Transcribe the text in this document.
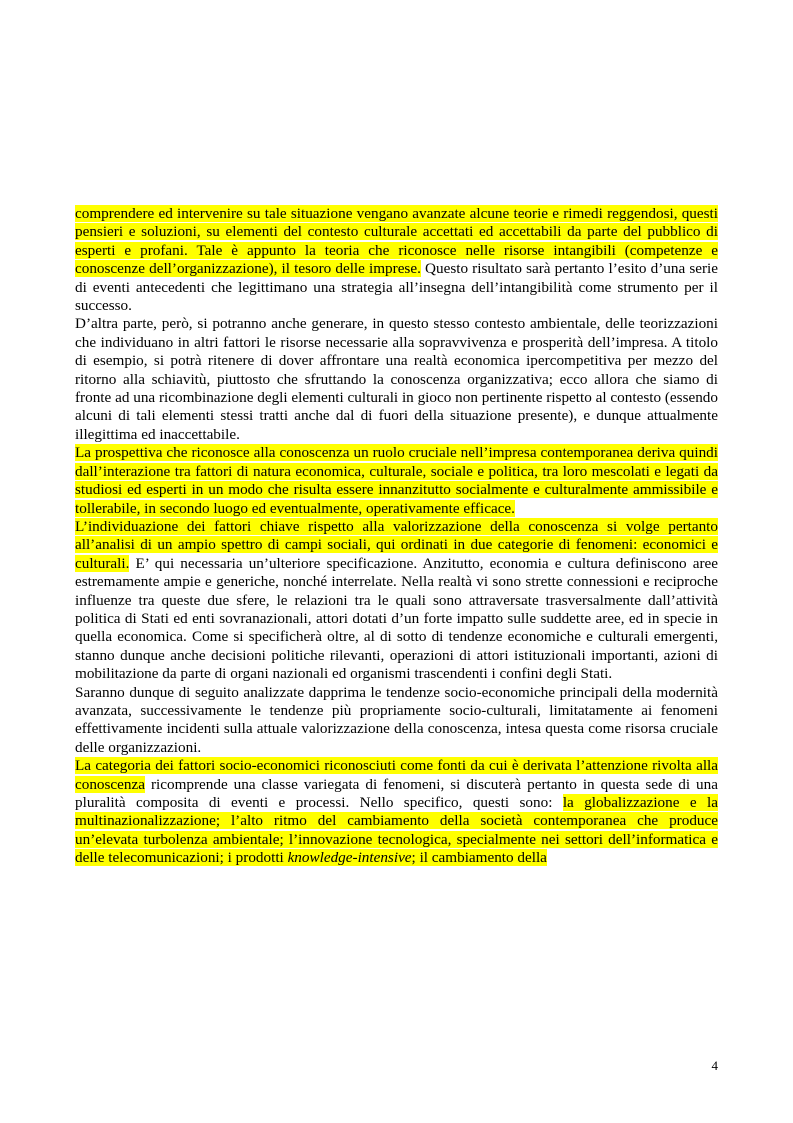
comprendere ed intervenire su tale situazione vengano avanzate alcune teorie e rimedi reggendosi, questi pensieri e soluzioni, su elementi del contesto culturale accettati ed accettabili da parte del pubblico di esperti e profani. Tale è appunto la teoria che riconosce nelle risorse intangibili (competenze e conoscenze dell’organizzazione), il tesoro delle imprese. Questo risultato sarà pertanto l’esito d’una serie di eventi antecedenti che legittimano una strategia all’insegna dell’intangibilità come strumento per il successo.

D’altra parte, però, si potranno anche generare, in questo stesso contesto ambientale, delle teorizzazioni che individuano in altri fattori le risorse necessarie alla sopravvivenza e prosperità dell’impresa. A titolo di esempio, si potrà ritenere di dover affrontare una realtà economica ipercompetitiva per mezzo del ritorno alla schiavitù, piuttosto che sfruttando la conoscenza organizzativa; ecco allora che siamo di fronte ad una ricombinazione degli elementi culturali in gioco non pertinente rispetto al contesto (essendo alcuni di tali elementi stessi tratti anche dal di fuori della situazione presente), e dunque attualmente illegittima ed inaccettabile.

La prospettiva che riconosce alla conoscenza un ruolo cruciale nell’impresa contemporanea deriva quindi dall’interazione tra fattori di natura economica, culturale, sociale e politica, tra loro mescolati e legati da studiosi ed esperti in un modo che risulta essere innanzitutto socialmente e culturalmente ammissibile e tollerabile, in secondo luogo ed eventualmente, operativamente efficace.

L’individuazione dei fattori chiave rispetto alla valorizzazione della conoscenza si volge pertanto all’analisi di un ampio spettro di campi sociali, qui ordinati in due categorie di fenomeni: economici e culturali. E’ qui necessaria un’ulteriore specificazione. Anzitutto, economia e cultura definiscono aree estremamente ampie e generiche, nonché interrelate. Nella realtà vi sono strette connessioni e reciproche influenze tra queste due sfere, le relazioni tra le quali sono attraversate trasversalmente dall’attività politica di Stati ed enti sovranazionali, attori dotati d’un forte impatto sulle suddette aree, ed in specie in quella economica. Come si specificherà oltre, al di sotto di tendenze economiche e culturali emergenti, stanno dunque anche decisioni politiche rilevanti, operazioni di attori istituzionali importanti, azioni di mobilitazione da parte di organi nazionali ed organismi trascendenti i confini degli Stati.

Saranno dunque di seguito analizzate dapprima le tendenze socio-economiche principali della modernità avanzata, successivamente le tendenze più propriamente socio-culturali, limitatamente ai fenomeni effettivamente incidenti sulla attuale valorizzazione della conoscenza, intesa questa come risorsa cruciale delle organizzazioni.

La categoria dei fattori socio-economici riconosciuti come fonti da cui è derivata l’attenzione rivolta alla conoscenza ricomprende una classe variegata di fenomeni, si discuterà pertanto in questa sede di una pluralità composita di eventi e processi. Nello specifico, questi sono: la globalizzazione e la multinazionalizzazione; l’alto ritmo del cambiamento della società contemporanea che produce un’elevata turbolenza ambientale; l’innovazione tecnologica, specialmente nei settori dell’informatica e delle telecomunicazioni; i prodotti knowledge-intensive; il cambiamento della

4
